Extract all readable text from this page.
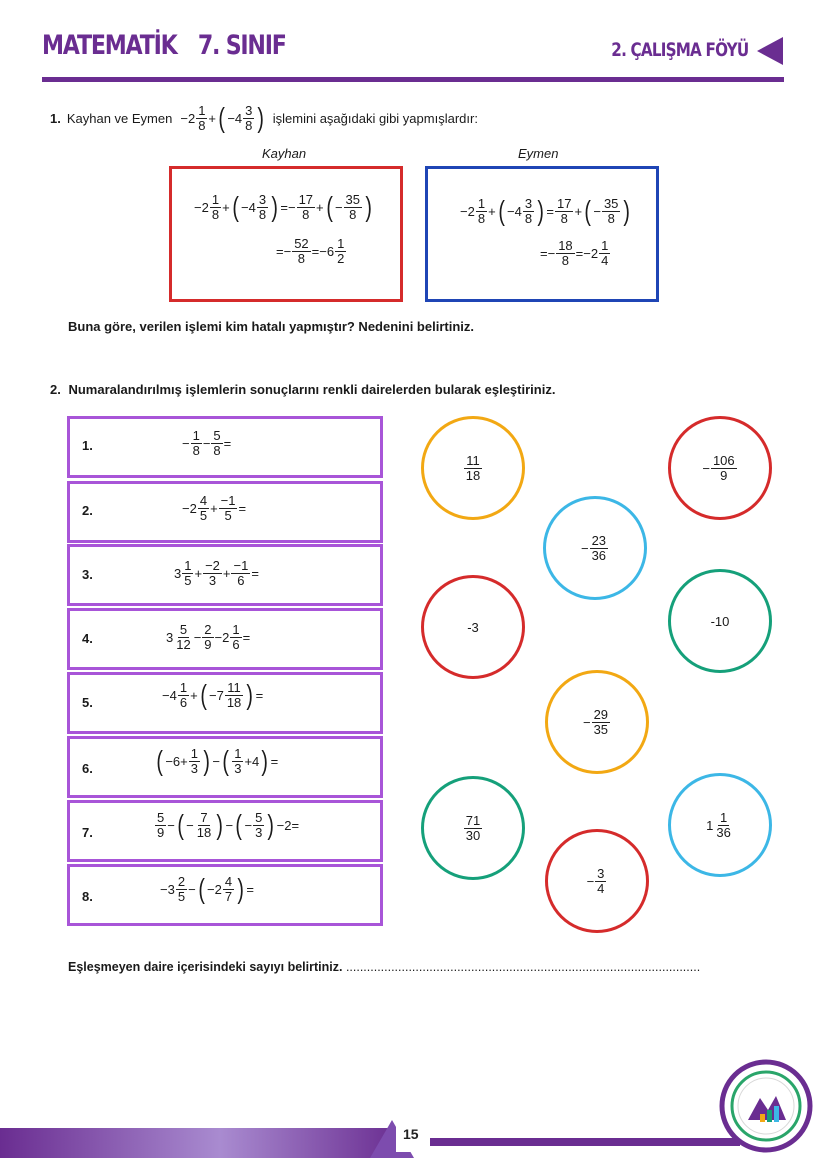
MATEMATİK 7. SINIF	2. ÇALIŞMA FÖYÜ
1. Kayhan ve Eymen −2
1
8 + ( −4
3
8 ) işlemini aşağıdaki gibi yapmışlardır:
Kayhan	Eymen
−2
1
8 + ( −4
3
8 ) =−
17
8 + ( −
35
8 )
=−
52
8 =−6
1
2
−2
1
8 + ( −4
3
8 ) =
17
8 + ( −
35
8 )
=−
18
8 =−2
1
4
Buna göre, verilen işlemi kim hatalı yapmıştır? Nedenini belirtiniz.
2. Numaralandırılmış işlemlerin sonuçlarını renkli dairelerden bularak eşleştiriniz.
1.	−
1
8 −
5
8 =
2.	−2
4
5 +
−1
5 =
3.	3
1
5 +
−2
3 +
−1
6 =
4.	3
5
12 −
2
9 −2
1
6 =
5.	−4
1
6 + ( −7
11
18 ) =
6. ( −6+
1
3 ) − ( 1
3 +4 ) =
7.
5
9 − ( −
7
18 ) − ( −
5
3 ) −2=
8.	−3
2
5 − ( −2
4
7 ) =
11
18	−
106
9
−
23
36
-3	-10
−
29
35
71
30
1
1
36
−
3
4
Eşleşmeyen daire içerisindeki sayıyı belirtiniz. ......................................................................................................
15
